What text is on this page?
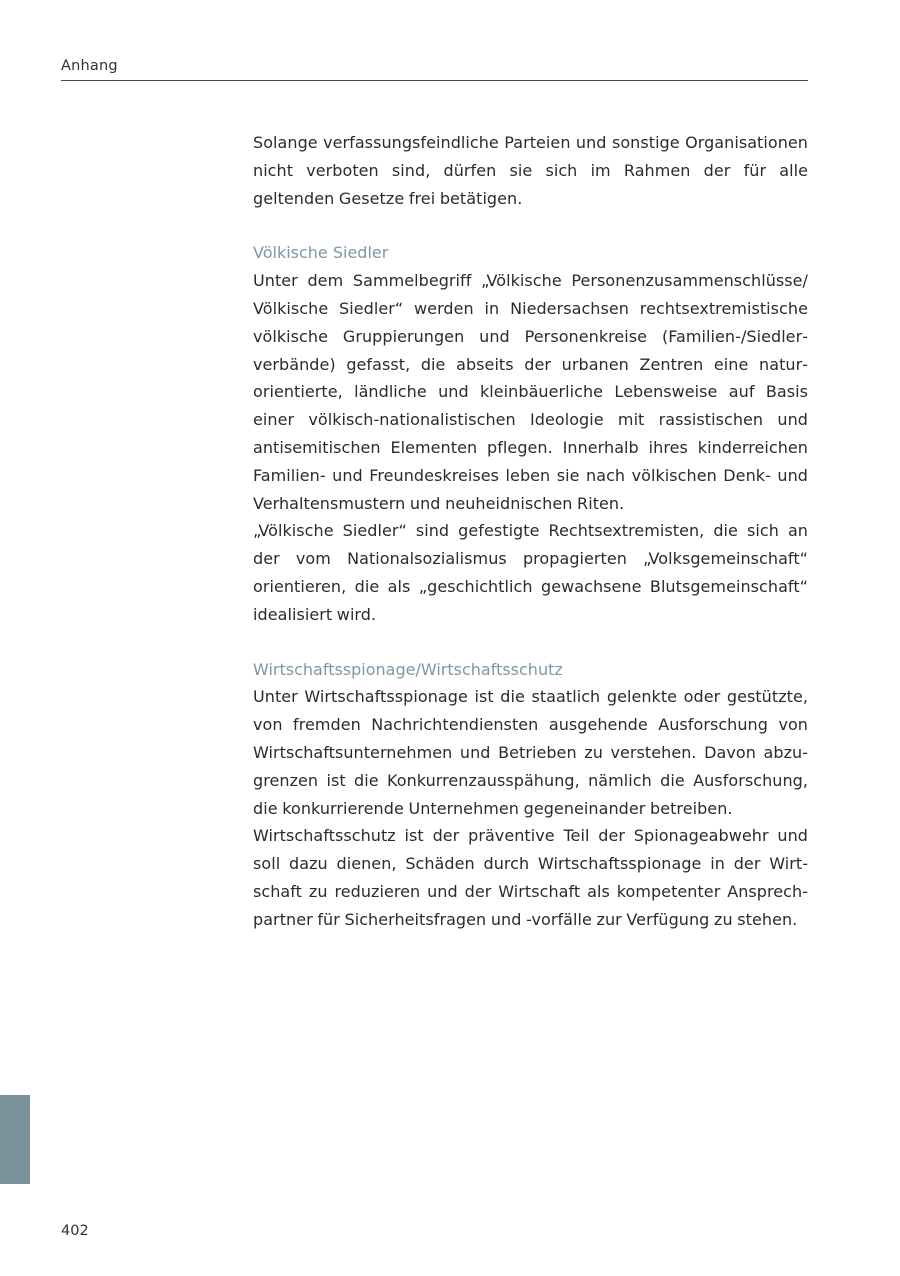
Anhang

Solange verfassungsfeindliche Parteien und sonstige Organisationen nicht verboten sind, dürfen sie sich im Rahmen der für alle geltenden Gesetze frei betätigen.

Völkische Siedler

Unter dem Sammelbegriff „Völkische Personenzusammenschlüsse/ Völkische Siedler“ werden in Niedersachsen rechtsextremistische völkische Gruppierungen und Personenkreise (Familien-/Siedlerverbände) gefasst, die abseits der urbanen Zentren eine naturorientierte, ländliche und kleinbäuerliche Lebensweise auf Basis einer völkisch-nationalistischen Ideologie mit rassistischen und antisemitischen Elementen pflegen. Innerhalb ihres kinderreichen Familien- und Freundeskreises leben sie nach völkischen Denk- und Verhaltensmustern und neuheidnischen Riten.

„Völkische Siedler“ sind gefestigte Rechtsextremisten, die sich an der vom Nationalsozialismus propagierten „Volksgemeinschaft“ orientieren, die als „geschichtlich gewachsene Blutsgemeinschaft“ idealisiert wird.

Wirtschaftsspionage/Wirtschaftsschutz

Unter Wirtschaftsspionage ist die staatlich gelenkte oder gestützte, von fremden Nachrichtendiensten ausgehende Ausforschung von Wirtschaftsunternehmen und Betrieben zu verstehen. Davon abzugrenzen ist die Konkurrenzausspähung, nämlich die Ausforschung, die konkurrierende Unternehmen gegeneinander betreiben.

Wirtschaftsschutz ist der präventive Teil der Spionageabwehr und soll dazu dienen, Schäden durch Wirtschaftsspionage in der Wirtschaft zu reduzieren und der Wirtschaft als kompetenter Ansprechpartner für Sicherheitsfragen und -vorfälle zur Verfügung zu stehen.

402
